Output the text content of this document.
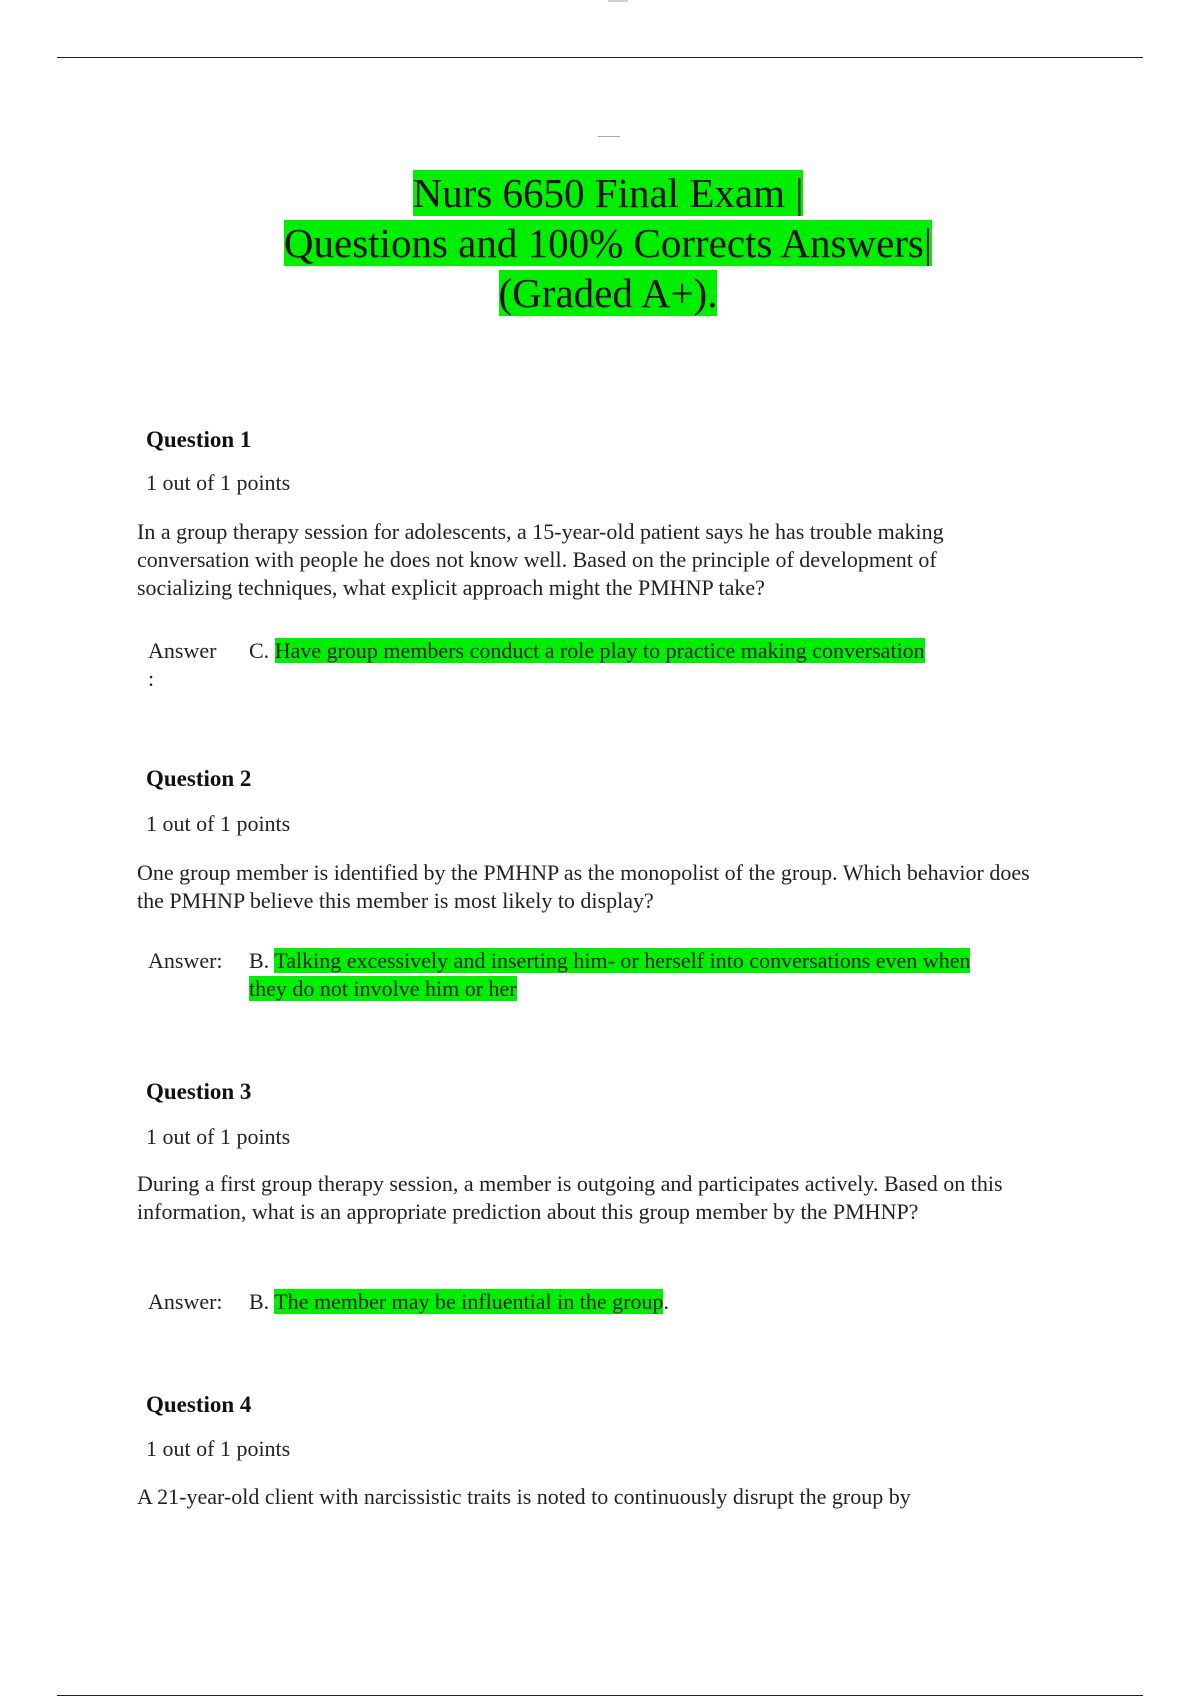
Nurs 6650 Final Exam |
Questions and 100% Corrects Answers|
(Graded A+).
Question 1
1 out of 1 points
In a group therapy session for adolescents, a 15-year-old patient says he has trouble making conversation with people he does not know well. Based on the principle of development of socializing techniques, what explicit approach might the PMHNP take?
Answer
:
C. Have group members conduct a role play to practice making conversation
Question 2
1 out of 1 points
One group member is identified by the PMHNP as the monopolist of the group. Which behavior does the PMHNP believe this member is most likely to display?
Answer:	B. Talking excessively and inserting him- or herself into conversations even when they do not involve him or her
Question 3
1 out of 1 points
During a first group therapy session, a member is outgoing and participates actively. Based on this information, what is an appropriate prediction about this group member by the PMHNP?
Answer:	B. The member may be influential in the group.
Question 4
1 out of 1 points
A 21-year-old client with narcissistic traits is noted to continuously disrupt the group by
